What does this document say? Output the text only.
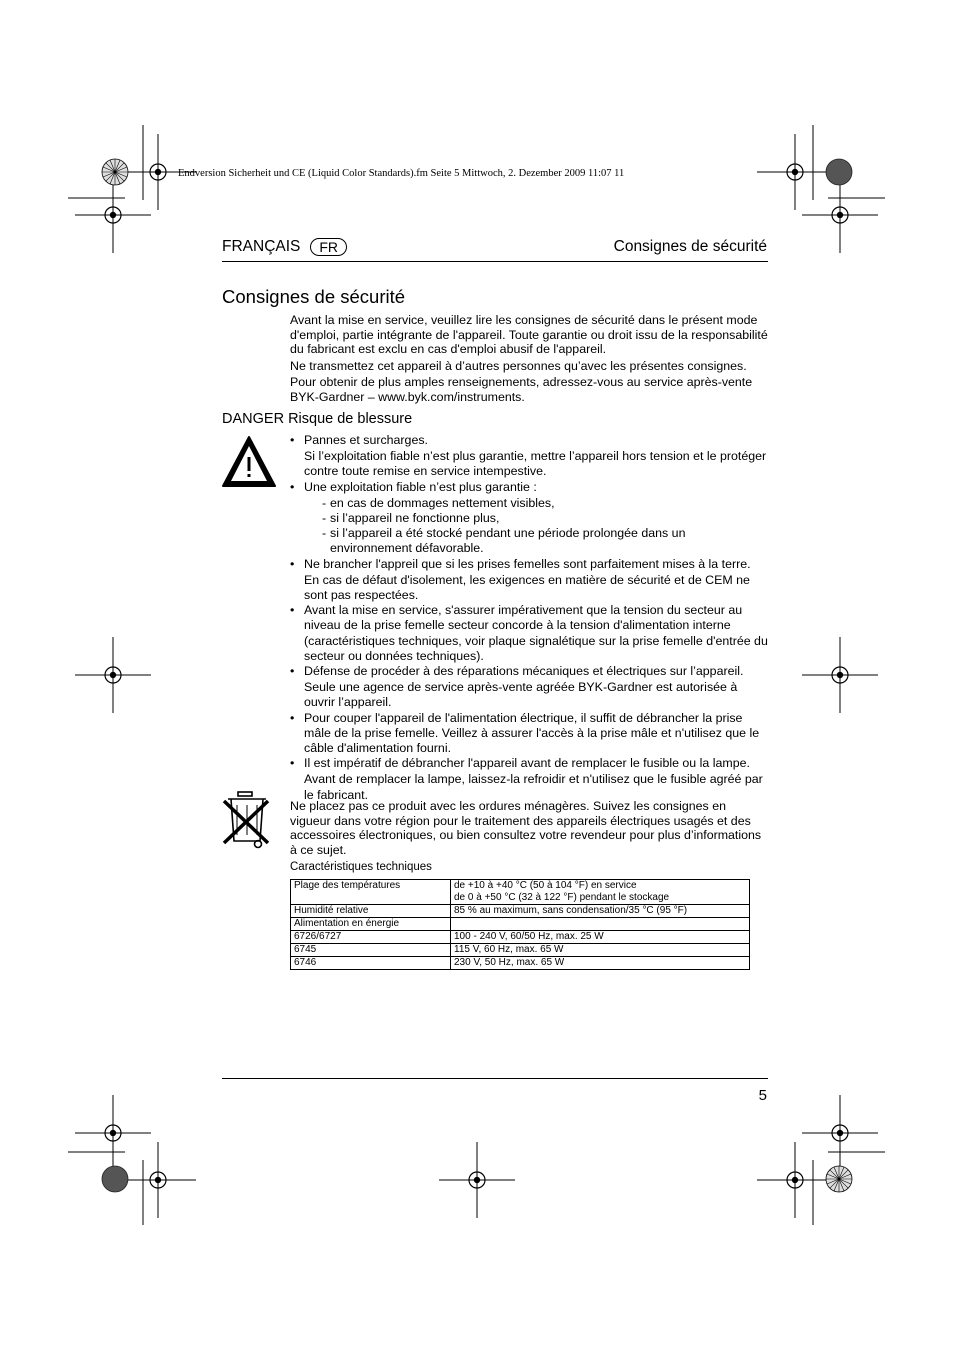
Endversion Sicherheit und CE (Liquid Color Standards).fm Seite 5 Mittwoch, 2. Dezember 2009 11:07 11
FRANÇAIS	FR	Consignes de sécurité
Consignes de sécurité

Avant la mise en service, veuillez lire les consignes de sécurité dans le présent mode d'emploi, partie intégrante de l'appareil. Toute garantie ou droit issu de la responsabilité du fabricant est exclu en cas d'emploi abusif de l'appareil.

Ne transmettez cet appareil à d’autres personnes qu’avec les présentes consignes.

Pour obtenir de plus amples renseignements, adressez-vous au service après-vente BYK-Gardner – www.byk.com/instruments.

DANGER Risque de blessure
• Pannes et surcharges.
Si l’exploitation fiable n’est plus garantie, mettre l’appareil hors tension et le protéger contre toute remise en service intempestive.
• Une exploitation fiable n’est plus garantie :
- en cas de dommages nettement visibles,
- si l’appareil ne fonctionne plus,
- si l’appareil a été stocké pendant une période prolongée dans un environnement défavorable.
• Ne brancher l'appreil que si les prises femelles sont parfaitement mises à la terre.
En cas de défaut d'isolement, les exigences en matière de sécurité et de CEM ne sont pas respectées.
• Avant la mise en service, s'assurer impérativement que la tension du secteur au niveau de la prise femelle secteur concorde à la tension d'alimentation interne (caractéristiques techniques, voir plaque signalétique sur la prise femelle d'entrée du secteur ou données techniques).
• Défense de procéder à des réparations mécaniques et électriques sur l’appareil.
Seule une agence de service après-vente agréée BYK-Gardner est autorisée à ouvrir l’appareil.
• Pour couper l'appareil de l'alimentation électrique, il suffit de débrancher la prise mâle de la prise femelle. Veillez à assurer l'accès à la prise mâle et n'utilisez que le câble d'alimentation fourni.
• Il est impératif de débrancher l'appareil avant de remplacer le fusible ou la lampe.
Avant de remplacer la lampe, laissez-la refroidir et n'utilisez que le fusible agréé par le fabricant.
Ne placez pas ce produit avec les ordures ménagères. Suivez les consignes en vigueur dans votre région pour le traitement des appareils électriques usagés et des accessoires électroniques, ou bien consultez votre revendeur pour plus d’informations à ce sujet.
Caractéristiques techniques
Plage des températures	de +10 à +40 °C (50 à 104 °F) en service
de 0 à +50 °C (32 à 122 °F) pendant le stockage
Humidité relative	85 % au maximum, sans condensation/35 °C (95 °F)
Alimentation en énergie	
6726/6727	100 - 240 V, 60/50 Hz, max. 25 W
6745	115 V, 60 Hz, max. 65 W
6746	230 V, 50 Hz, max. 65 W
5
